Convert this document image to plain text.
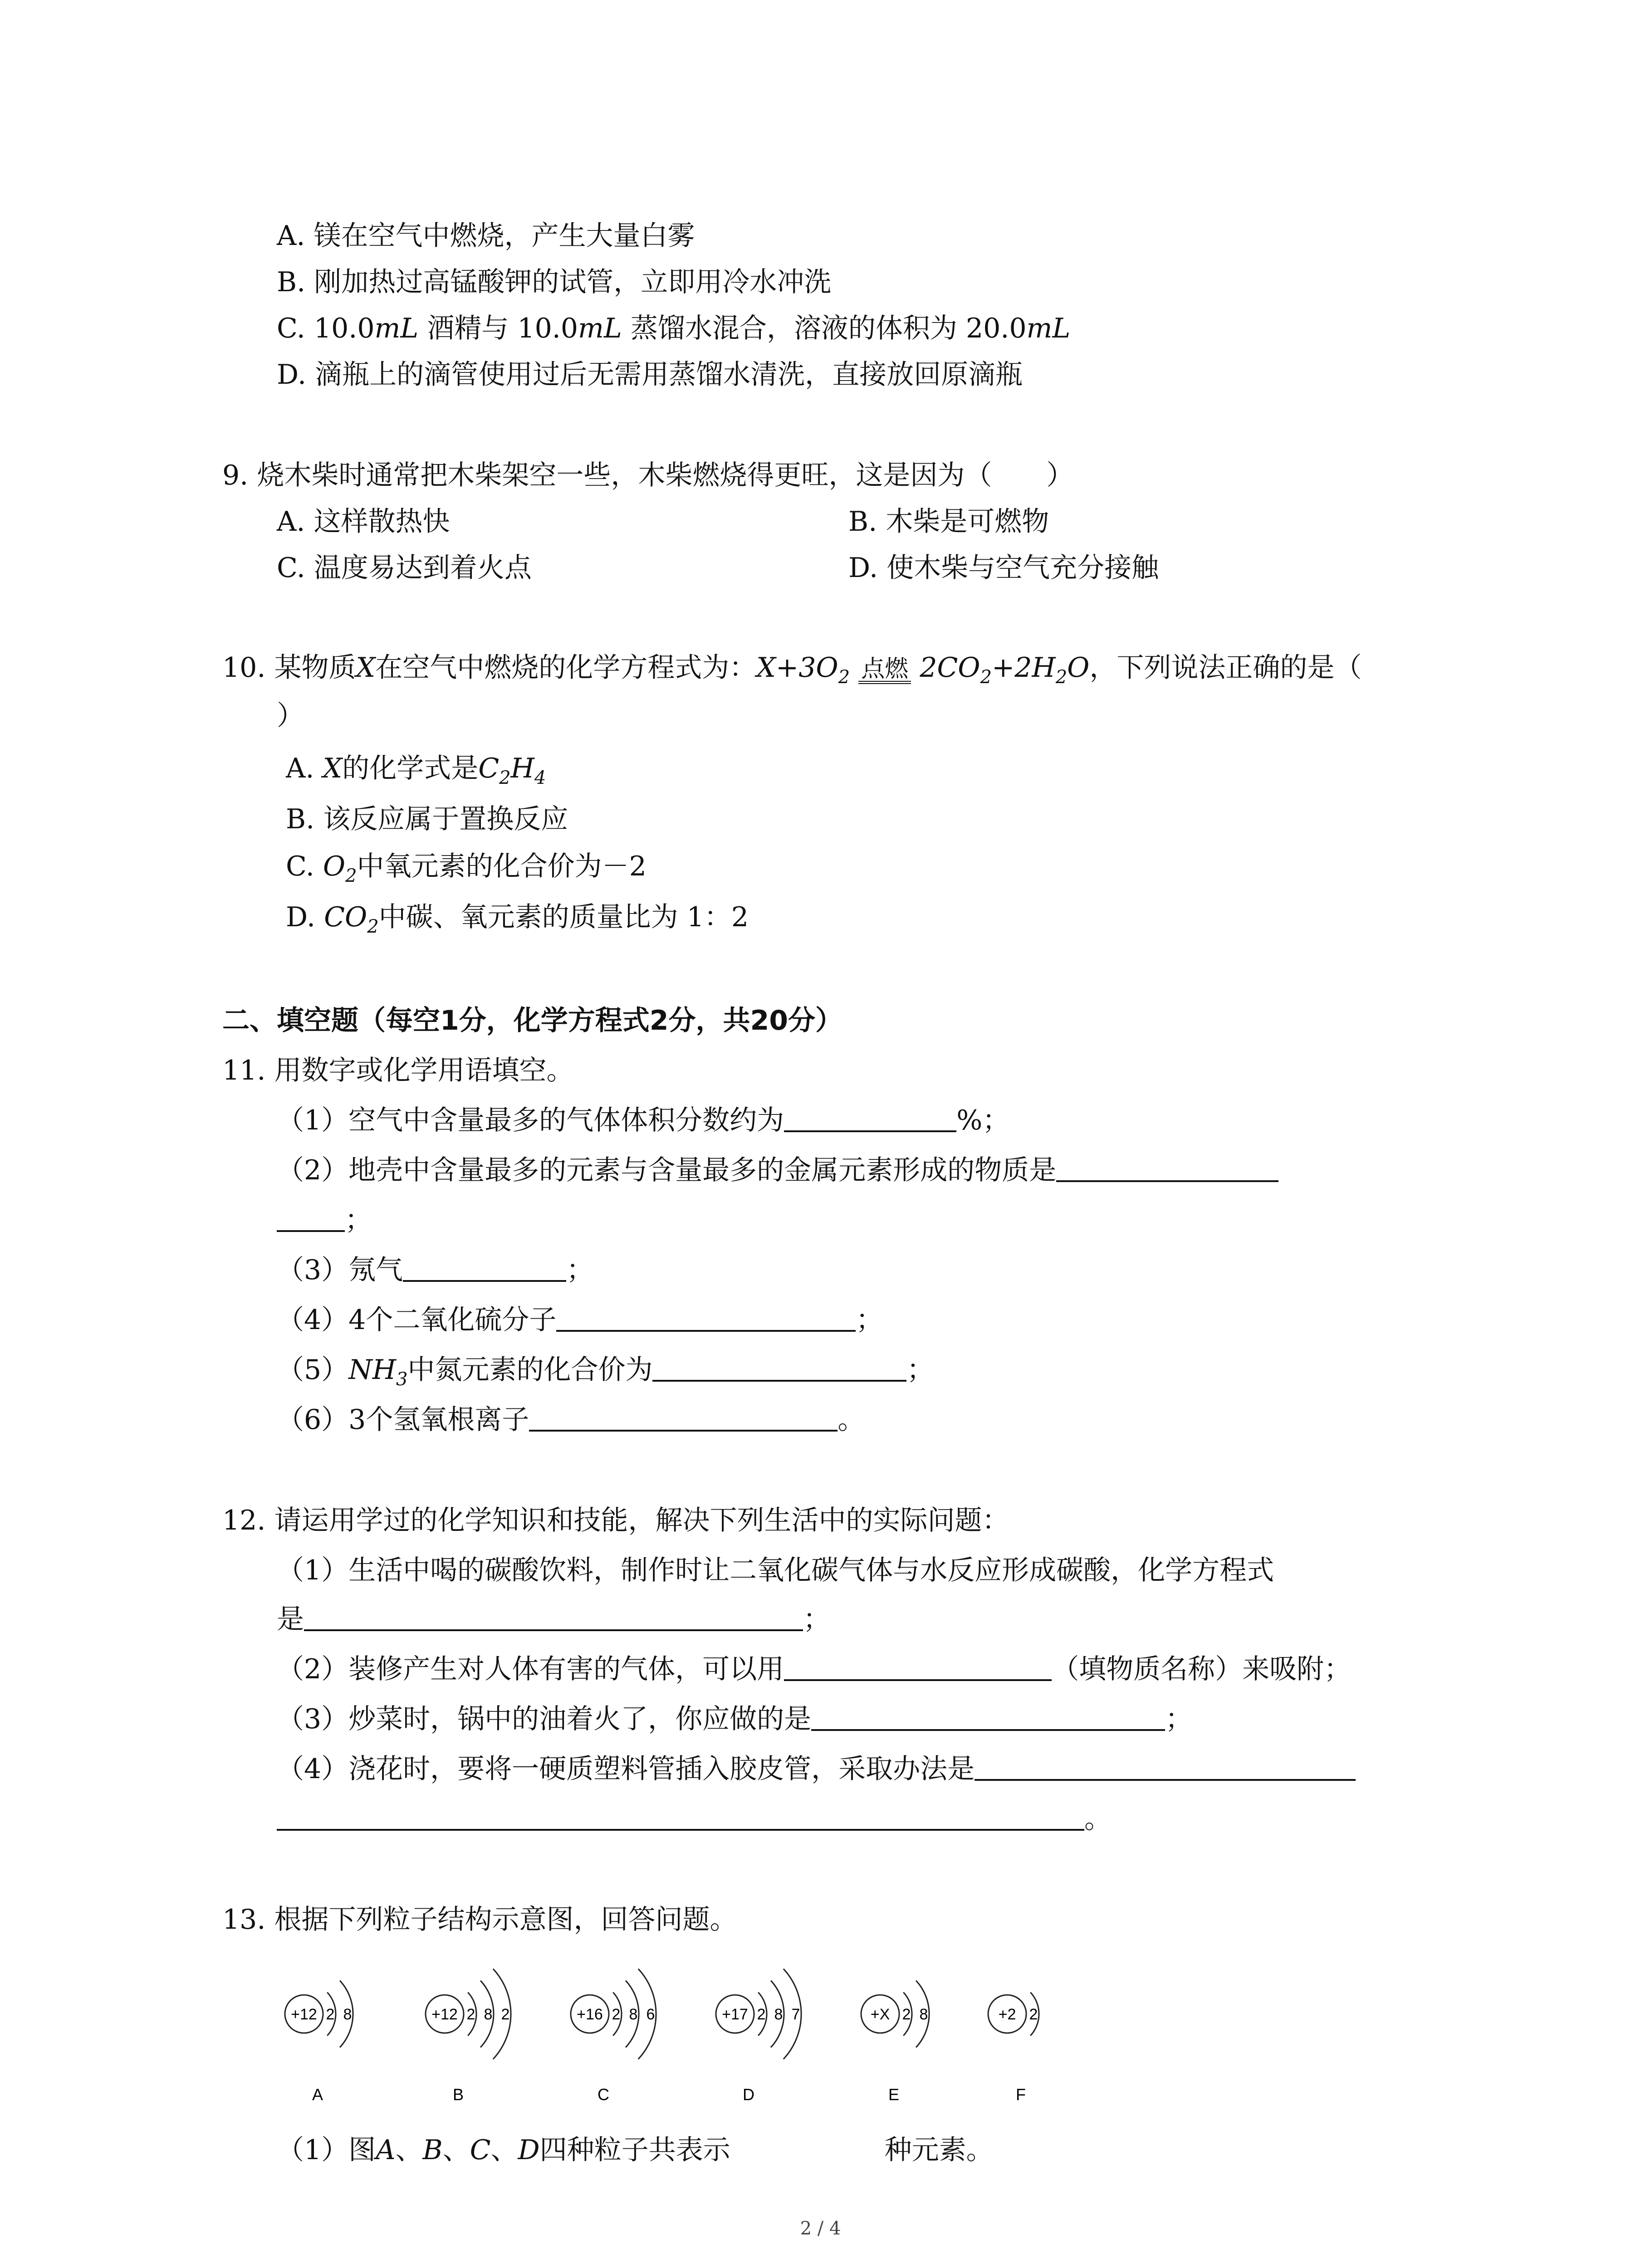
A. 镁在空气中燃烧，产生大量白雾
B. 刚加热过高锰酸钾的试管，立即用冷水冲洗
C. 10.0mL 酒精与 10.0mL 蒸馏水混合，溶液的体积为 20.0mL
D. 滴瓶上的滴管使用过后无需用蒸馏水清洗，直接放回原滴瓶
9. 烧木柴时通常把木柴架空一些，木柴燃烧得更旺，这是因为（　　）
A. 这样散热快	B. 木柴是可燃物
C. 温度易达到着火点	D. 使木柴与空气充分接触
10. 某物质X在空气中燃烧的化学方程式为：$X+3O_2$ 点燃 $2CO_2+2H_2O$，下列说法正确的是（
）
A. X的化学式是$C_2H_4$
B. 该反应属于置换反应
C. $O_2$中氧元素的化合价为－2
D. $CO_2$中碳、氧元素的质量比为 1：2
二、填空题（每空1分，化学方程式2分，共20分）
11. 用数字或化学用语填空。
（1）空气中含量最多的气体体积分数约为	%；
（2）地壳中含量最多的元素与含量最多的金属元素形成的物质是
；
（3）氖气	；
（4）4个二氧化硫分子	；
$(5)NH_3$中氮元素的化合价为	；
（6）3个氢氧根离子	。
12. 请运用学过的化学知识和技能，解决下列生活中的实际问题：
（1）生活中喝的碳酸饮料，制作时让二氧化碳气体与水反应形成碳酸，化学方程式
是	；
（2）装修产生对人体有害的气体，可以用	（填物质名称）来吸附；
（3）炒菜时，锅中的油着火了，你应做的是	；
（4）浇花时，要将一硬质塑料管插入胶皮管，采取办法是
。
13. 根据下列粒子结构示意图，回答问题。
+12 2 8
A
+12 2 8 2
B
+16 2 8 6
C
+17 2 8 7
D
+X 2 8
E
+2 2
F
（1）图A、B、C、D四种粒子共表示	种元素。
2 / 4
